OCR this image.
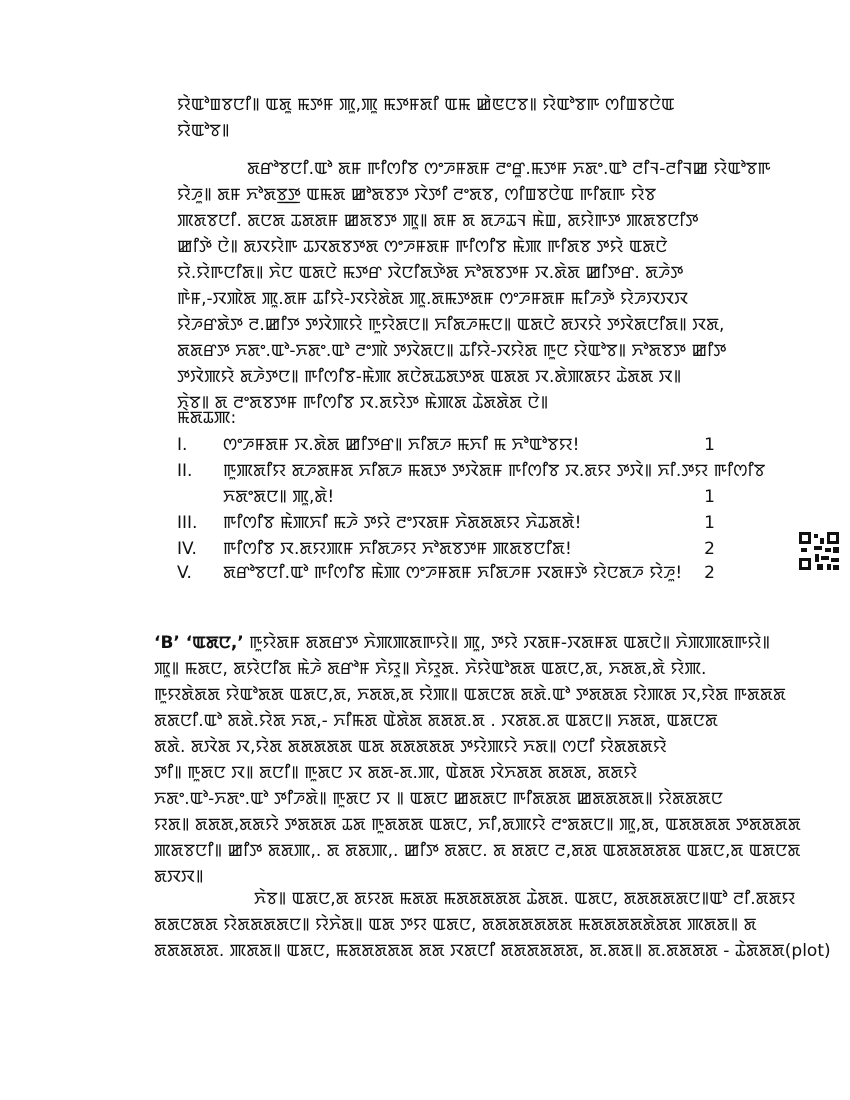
ꯌꯥꯑꯣꯡꯕꯅꯤ꯫ ꯑꯗꯨ ꯃꯇꯝ ꯄꯨ,ꯄꯨ ꯃꯇꯝꯗꯤ ꯑꯃ ꯀꯥꯟꯅꯕ꯫ ꯌꯥꯑꯣꯕꯒ ꯁꯤꯡꯕꯅꯥꯑ
ꯌꯥꯑꯣꯕ꯫
ꯗꯔꯣꯕꯅꯤ.ꯑꯣ ꯗꯝ ꯒꯤꯁꯤꯕ ꯁꯦꯍꯝꯗꯝ ꯂꯦꯔꯨ.ꯃꯇꯝ ꯈꯗꯦ.ꯑꯣ ꯂꯤꯜ-ꯂꯤꯜꯀ ꯌꯥꯑꯣꯕꯒ
ꯌꯥꯍꯨ꯫ ꯗꯝ ꯈꯣꯗꯕ꯭ꯇ ꯑꯃꯗ ꯀꯣꯗꯕꯇ ꯋꯥꯇꯤ ꯂꯦꯗꯕ, ꯁꯤꯡꯕꯅꯥꯑ ꯒꯤꯗꯒ ꯌꯥꯕ
ꯄꯗꯕꯅꯤ. ꯗꯅꯗ ꯊꯗꯗꯝ ꯀꯗꯕꯇ ꯄꯨ꯫ ꯗꯝ ꯗ ꯗꯍꯊꯜ ꯃꯥꯡ, ꯗꯌꯥꯒꯇ ꯄꯗꯕꯅꯤꯇ
ꯀꯤꯇꯥ ꯅꯥ꯫ ꯗꯋꯌꯥꯒ ꯊꯋꯗꯕꯇꯗ ꯁꯦꯍꯝꯗꯝ ꯒꯤꯁꯤꯕ ꯃꯥꯄ ꯒꯤꯗꯕ ꯇꯌꯥ ꯑꯗꯅꯥ
ꯌꯥ.ꯌꯥꯒꯅꯤꯗ꯫ ꯈꯥꯅ ꯑꯗꯅꯥ ꯃꯇꯔ ꯋꯥꯅꯤꯗꯇꯥꯗ ꯈꯣꯗꯕꯇꯝ ꯋ.ꯗꯥꯗ ꯀꯤꯇꯔ. ꯗꯍꯥꯇ
ꯒꯥꯝ,-ꯋꯄꯥꯗ ꯄꯨ.ꯗꯝ ꯊꯤꯌꯥ-ꯋꯌꯥꯗꯥꯗ ꯄꯨ.ꯗꯃꯇꯗꯝ ꯁꯦꯍꯝꯗꯝ ꯃꯤꯍꯇꯥ ꯌꯥꯍꯋꯋꯋ
ꯌꯥꯍꯔꯗꯥꯇ ꯂ.ꯀꯤꯇ ꯇꯋꯥꯄꯌꯥ ꯒꯨꯌꯥꯗꯅ꯫ ꯈꯤꯗꯍꯃꯅ꯫ ꯑꯗꯅꯥ ꯗꯋꯌꯥ ꯇꯋꯥꯗꯅꯤꯗ꯫ ꯋꯗ,
ꯗꯗꯔꯇ ꯈꯗꯦ.ꯑꯣ-ꯈꯗꯦ.ꯑꯣ ꯂꯦꯄꯥ ꯇꯋꯥꯗꯅ꯫ ꯊꯤꯌꯥ-ꯋꯌꯥꯗ ꯒꯨꯅ ꯌꯥꯑꯣꯕ꯫ ꯈꯣꯗꯕꯇ ꯀꯤꯇ
ꯇꯋꯥꯄꯌꯥ ꯗꯍꯥꯇꯅ꯫ ꯒꯤꯁꯤꯕ-ꯃꯥꯄ ꯗꯅꯥꯗꯊꯗꯇꯗ ꯑꯗꯗ ꯋ.ꯗꯥꯄꯗꯌ ꯊꯥꯗꯗ ꯋ꯫
ꯈꯥꯕ꯫ ꯗ ꯂꯦꯗꯕꯇꯝ ꯒꯤꯁꯤꯕ ꯋ.ꯗꯌꯥꯇ ꯃꯥꯄꯗ ꯊꯥꯗꯗꯥꯗ ꯅꯥ꯫
ꯃꯥꯗꯊꯄ:
I. ꯁꯦꯍꯝꯗꯝ ꯋ.ꯗꯥꯗ ꯀꯤꯇꯔ꯫ ꯈꯤꯗꯍ ꯃꯈꯤ ꯃ ꯈꯣꯑꯣꯕꯌ!	1
II. ꯒꯨꯄꯗꯤꯌ ꯗꯍꯗꯝꯗ ꯈꯤꯗꯍ ꯃꯗꯇ ꯇꯋꯥꯗꯝ ꯒꯤꯁꯤꯕ ꯋ.ꯗꯌ ꯇꯋꯥ꯫ ꯈꯤ.ꯇꯌ ꯒꯤꯁꯤꯕ
ꯈꯗꯦꯗꯅ꯫ ꯄꯨ,ꯗꯥ!	1
III. ꯒꯤꯁꯤꯕ ꯃꯥꯄꯈꯤ ꯃꯍꯥ ꯇꯌꯥ ꯂꯦꯋꯗꯝ ꯈꯥꯗꯗꯗꯌ ꯈꯥꯊꯗꯗꯥ!	1
IV. ꯒꯤꯁꯤꯕ ꯋ.ꯗꯌꯄꯝ ꯈꯤꯗꯍꯌ ꯈꯣꯗꯕꯇꯝ ꯄꯗꯕꯅꯤꯗ!	2
V. ꯗꯔꯣꯕꯅꯤ.ꯑꯣ ꯒꯤꯁꯤꯕ ꯃꯥꯄ ꯁꯦꯍꯝꯗꯝ ꯈꯤꯗꯍꯝ ꯋꯗꯝꯇꯥ ꯌꯥꯅꯗꯍ ꯌꯥꯍꯨ!	2
‘B’ ‘ꯑꯗꯅ,’ ꯒꯨꯌꯥꯗꯝ ꯗꯗꯔꯇ ꯈꯥꯄꯄꯗꯒꯌꯥ꯫ ꯄꯨ, ꯇꯌꯥ ꯋꯗꯝ-ꯋꯗꯝꯗ ꯑꯗꯅꯥ꯫ ꯈꯥꯄꯄꯗꯒꯌꯥ꯫
ꯄꯨ꯫ ꯃꯗꯅ, ꯗꯌꯥꯅꯤꯗ ꯃꯥꯍꯥ ꯗꯔꯣꯝ ꯈꯥꯌꯨ꯫ ꯈꯥꯌꯨꯗ. ꯈꯥꯌꯥꯑꯣꯗꯗ ꯑꯗꯅ,ꯗ, ꯈꯗꯗ,ꯗꯥ ꯌꯥꯄ.
ꯒꯨꯌꯗꯥꯗꯗ ꯌꯥꯑꯣꯗꯗ ꯑꯗꯅ,ꯗ, ꯈꯗꯗ,ꯗ ꯌꯥꯄ꯫ ꯑꯗꯅꯗ ꯗꯗꯥ.ꯑꯣ ꯇꯗꯗꯗ ꯌꯥꯄꯗ ꯋ,ꯌꯥꯗ ꯒꯗꯗꯗ
ꯗꯗꯅꯤ.ꯑꯣ ꯗꯗꯥ.ꯌꯥꯗ ꯈꯗ,- ꯈꯤꯃꯗ ꯑꯥꯗꯥꯗ ꯗꯗꯗ.ꯗ . ꯋꯗꯗ.ꯗ ꯑꯗꯅ꯫ ꯈꯗꯗ, ꯑꯗꯅꯗ
ꯗꯗꯥ. ꯗꯋꯥꯗ ꯋ,ꯌꯥꯗ ꯗꯗꯗꯗꯗ ꯑꯗ ꯗꯗꯗꯗꯗ ꯇꯌꯥꯄꯌꯥ ꯈꯗ꯫ ꯁꯅꯤ ꯌꯥꯗꯗꯗꯌꯥ
ꯇꯤ꯫ ꯒꯨꯗꯅ ꯋ꯫ ꯗꯅꯤ꯫ ꯒꯨꯗꯅ ꯋ ꯗꯗ-ꯗ.ꯄ, ꯑꯥꯗꯗ ꯋꯥꯈꯗꯗ ꯗꯗꯗ, ꯗꯗꯌꯥ
ꯈꯗꯦ.ꯑꯣ-ꯈꯗꯦ.ꯑꯣ ꯇꯤꯍꯗꯥ꯫ ꯒꯨꯗꯅ ꯋ ꯫ ꯑꯗꯅ ꯀꯗꯗꯅ ꯒꯤꯗꯗꯗ ꯀꯗꯗꯗꯗ꯫ ꯌꯥꯗꯗꯗꯅ
ꯌꯗ꯫ ꯗꯗꯗ,ꯗꯗꯌꯥ ꯇꯗꯗꯗ ꯊꯗ ꯒꯨꯗꯗꯗ ꯑꯗꯅ, ꯈꯤ,ꯗꯄꯌꯥ ꯂꯦꯗꯗꯅ꯫ ꯄꯨ,ꯗ, ꯑꯗꯗꯗꯗ ꯇꯗꯗꯗꯗ
ꯄꯗꯕꯅꯤ꯫ ꯀꯤꯇ ꯗꯗꯄ,. ꯗ ꯗꯗꯄ,. ꯀꯤꯇ ꯗꯗꯅ. ꯗ ꯗꯗꯅ ꯂ,ꯗꯗ ꯑꯗꯗꯗꯗꯗ ꯑꯗꯅ,ꯗ ꯑꯗꯅꯗ
ꯗꯋꯋ꯫
ꯈꯥꯕ꯫ ꯑꯗꯅ,ꯗ ꯗꯌꯗ ꯃꯗꯗ ꯃꯗꯗꯗꯗꯗ ꯊꯥꯗꯗ. ꯑꯗꯅ, ꯗꯗꯗꯗꯗꯅ꯫ꯑꯣ ꯂꯤ.ꯗꯗꯌ
ꯗꯗꯅꯗꯗ ꯌꯥꯗꯗꯗꯗꯅ꯫ ꯌꯥꯈꯥꯗ꯫ ꯑꯗ ꯇꯌ ꯑꯗꯅ, ꯗꯗꯗꯗꯗꯗꯗ ꯃꯗꯗꯗꯗꯗꯥꯗꯗ ꯄꯗꯗ꯫ ꯗ
ꯗꯗꯗꯗꯗ. ꯄꯗꯗ꯫ ꯑꯗꯅ, ꯃꯗꯗꯗꯗꯗ ꯗꯗ ꯋꯗꯅꯤ ꯗꯗꯗꯗꯗꯗ, ꯗ.ꯗꯗ꯫ ꯗ.ꯗꯗꯗꯗ - ꯊꯥꯗꯗꯗ(plot)
